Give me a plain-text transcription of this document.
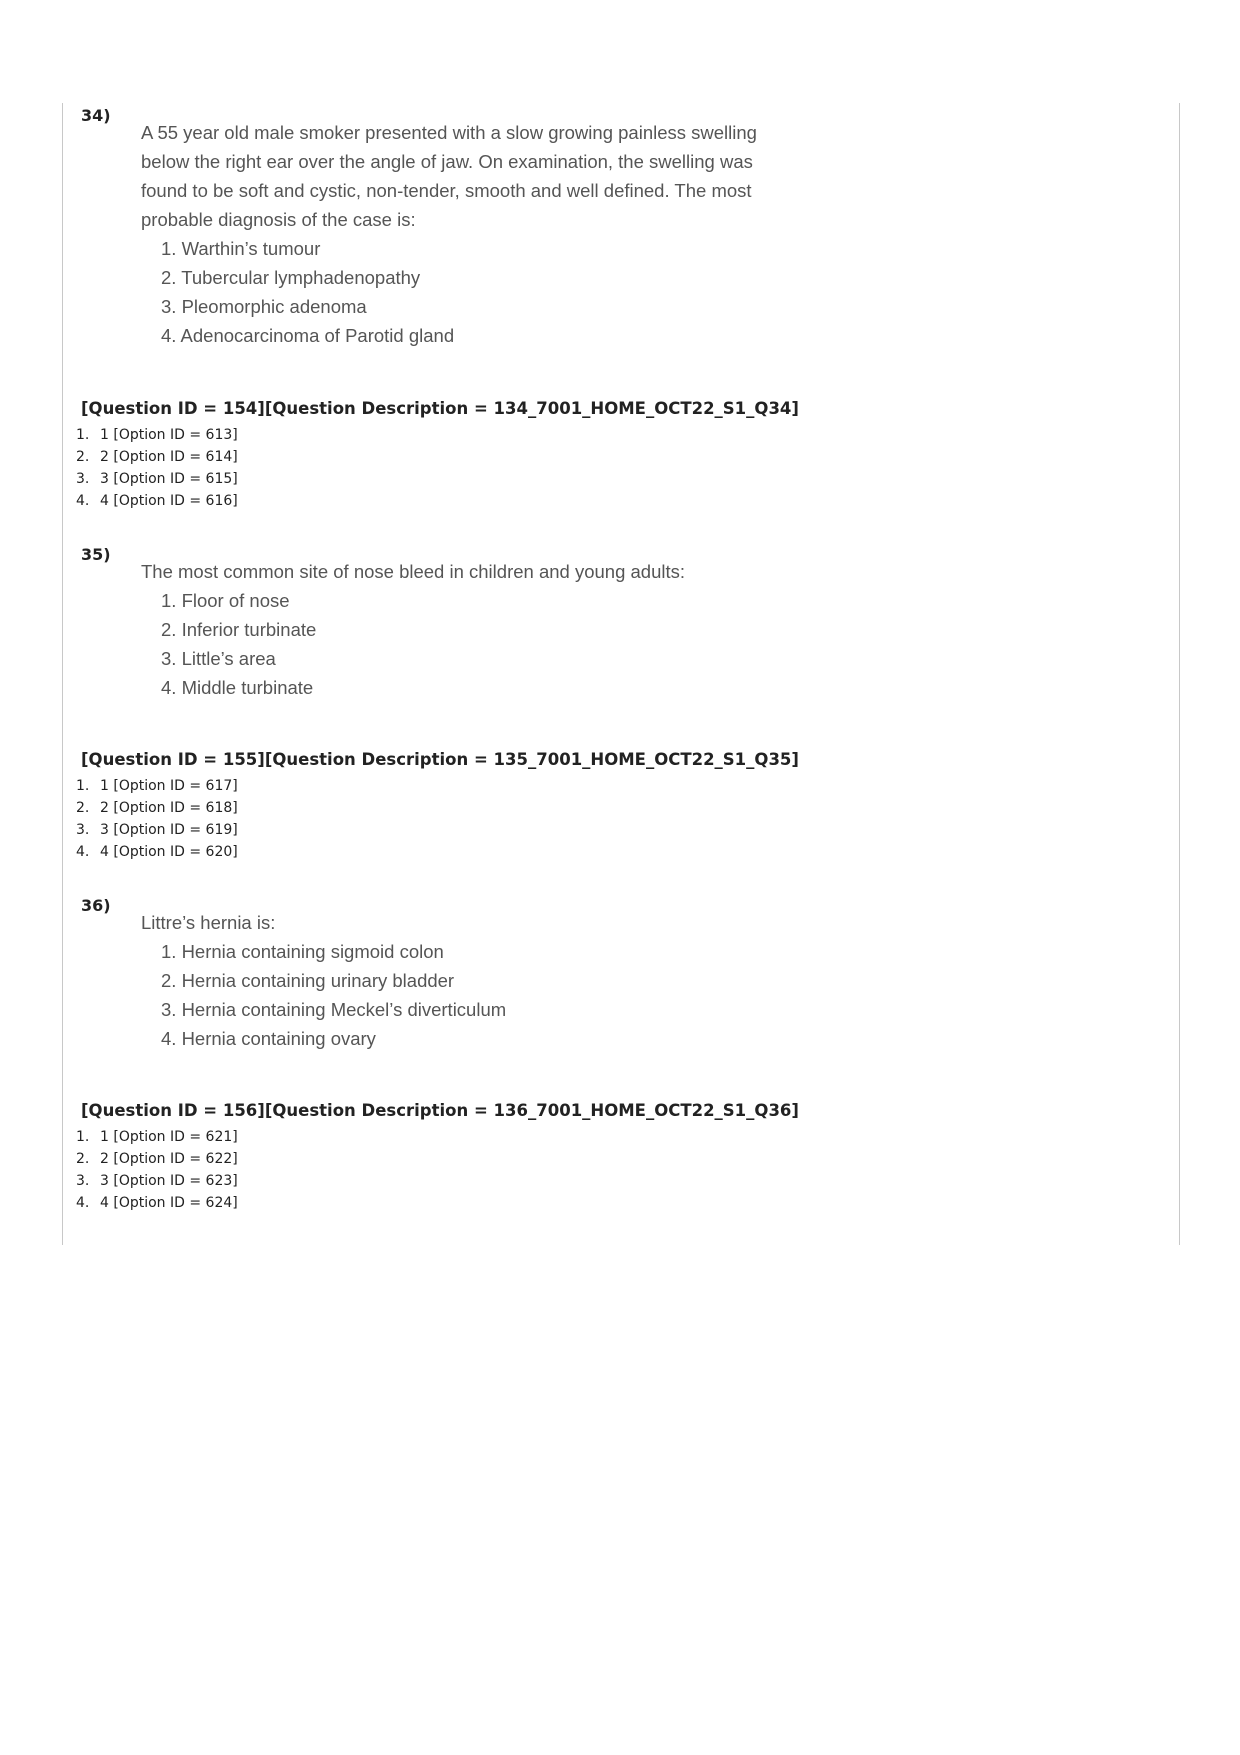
34)
A 55 year old male smoker presented with a slow growing painless swelling below the right ear over the angle of jaw. On examination, the swelling was found to be soft and cystic, non-tender, smooth and well defined. The most probable diagnosis of the case is:
1. Warthin’s tumour
2. Tubercular lymphadenopathy
3. Pleomorphic adenoma
4. Adenocarcinoma of Parotid gland
[Question ID = 154][Question Description = 134_7001_HOME_OCT22_S1_Q34]
1. 1 [Option ID = 613]
2. 2 [Option ID = 614]
3. 3 [Option ID = 615]
4. 4 [Option ID = 616]
35)
The most common site of nose bleed in children and young adults:
1. Floor of nose
2. Inferior turbinate
3. Little’s area
4. Middle turbinate
[Question ID = 155][Question Description = 135_7001_HOME_OCT22_S1_Q35]
1. 1 [Option ID = 617]
2. 2 [Option ID = 618]
3. 3 [Option ID = 619]
4. 4 [Option ID = 620]
36)
Littre’s hernia is:
1. Hernia containing sigmoid colon
2. Hernia containing urinary bladder
3. Hernia containing Meckel’s diverticulum
4. Hernia containing ovary
[Question ID = 156][Question Description = 136_7001_HOME_OCT22_S1_Q36]
1. 1 [Option ID = 621]
2. 2 [Option ID = 622]
3. 3 [Option ID = 623]
4. 4 [Option ID = 624]
